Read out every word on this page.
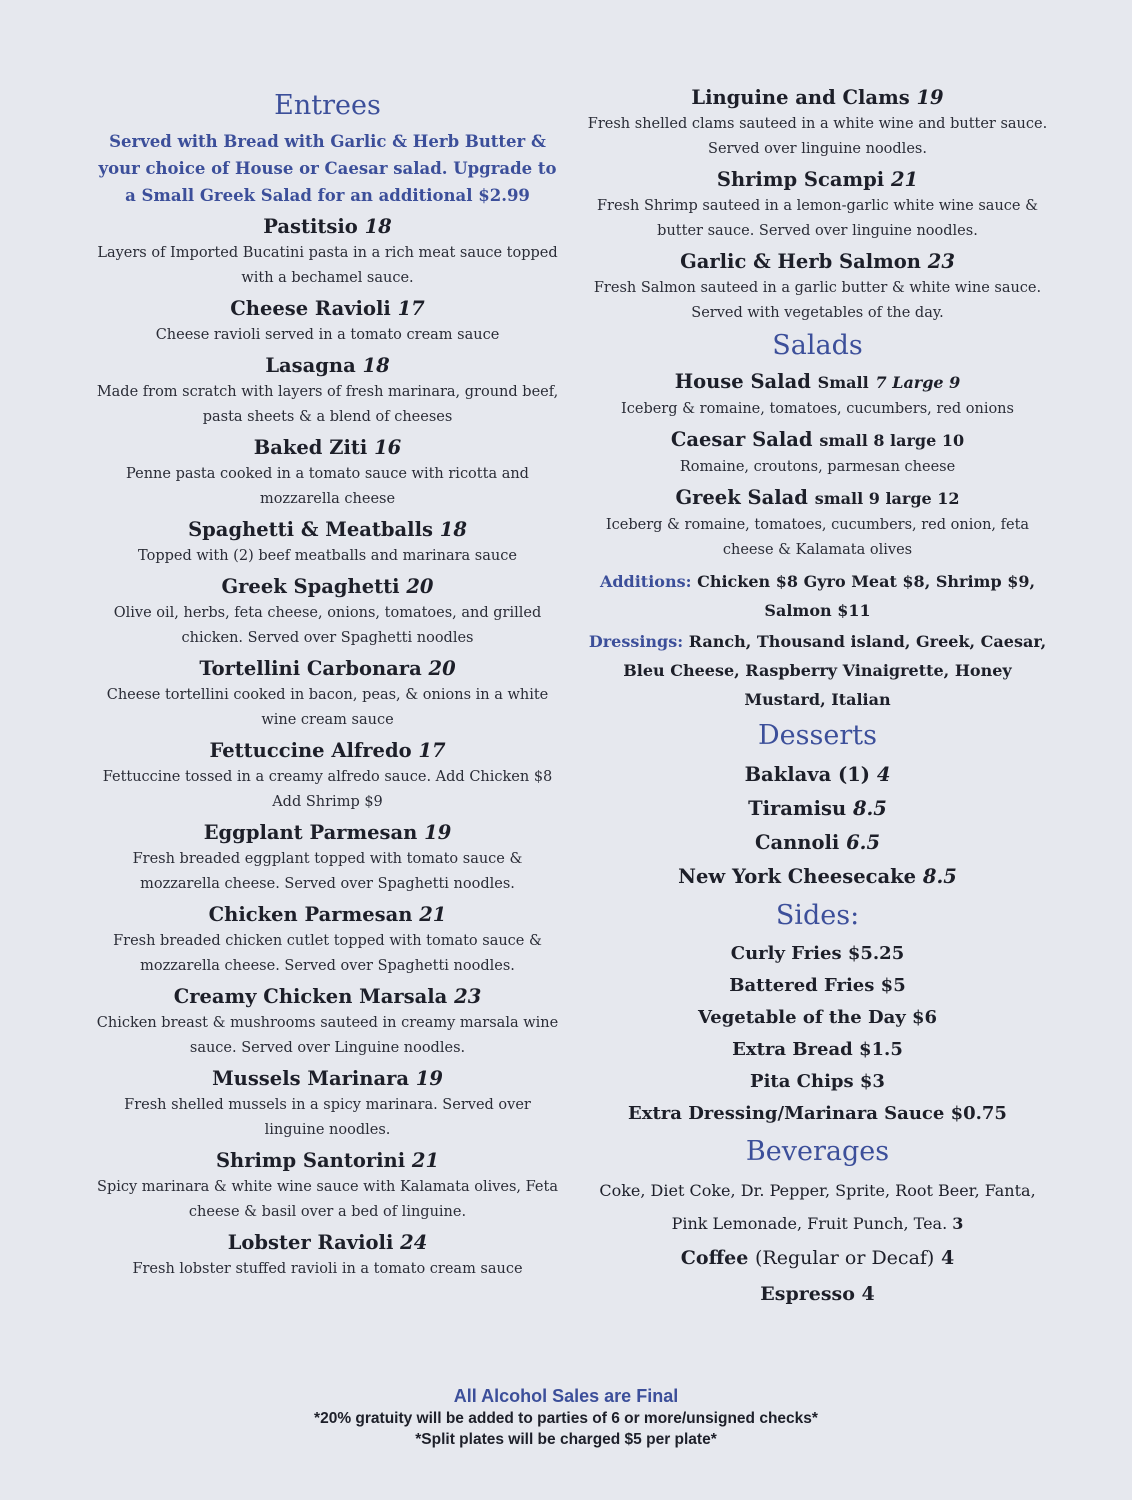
Entrees
Served with Bread with Garlic & Herb Butter & your choice of House or Caesar salad. Upgrade to a Small Greek Salad for an additional $2.99
Pastitsio 18
Layers of Imported Bucatini pasta in a rich meat sauce topped with a bechamel sauce.
Cheese Ravioli 17
Cheese ravioli served in a tomato cream sauce
Lasagna 18
Made from scratch with layers of fresh marinara, ground beef, pasta sheets & a blend of cheeses
Baked Ziti 16
Penne pasta cooked in a tomato sauce with ricotta and mozzarella cheese
Spaghetti & Meatballs 18
Topped with (2) beef meatballs and marinara sauce
Greek Spaghetti 20
Olive oil, herbs, feta cheese, onions, tomatoes, and grilled chicken. Served over Spaghetti noodles
Tortellini Carbonara 20
Cheese tortellini cooked in bacon, peas, & onions in a white wine cream sauce
Fettuccine Alfredo 17
Fettuccine tossed in a creamy alfredo sauce. Add Chicken $8 Add Shrimp $9
Eggplant Parmesan 19
Fresh breaded eggplant topped with tomato sauce & mozzarella cheese. Served over Spaghetti noodles.
Chicken Parmesan 21
Fresh breaded chicken cutlet topped with tomato sauce & mozzarella cheese. Served over Spaghetti noodles.
Creamy Chicken Marsala 23
Chicken breast & mushrooms sauteed in creamy marsala wine sauce. Served over Linguine noodles.
Mussels Marinara 19
Fresh shelled mussels in a spicy marinara. Served over linguine noodles.
Shrimp Santorini 21
Spicy marinara & white wine sauce with Kalamata olives, Feta cheese & basil over a bed of linguine.
Lobster Ravioli 24
Fresh lobster stuffed ravioli in a tomato cream sauce
Linguine and Clams 19
Fresh shelled clams sauteed in a white wine and butter sauce. Served over linguine noodles.
Shrimp Scampi 21
Fresh Shrimp sauteed in a lemon-garlic white wine sauce & butter sauce. Served over linguine noodles.
Garlic & Herb Salmon 23
Fresh Salmon sauteed in a garlic butter & white wine sauce. Served with vegetables of the day.
Salads
House Salad Small 7 Large 9
Iceberg & romaine, tomatoes, cucumbers, red onions
Caesar Salad small 8 large 10
Romaine, croutons, parmesan cheese
Greek Salad small 9 large 12
Iceberg & romaine, tomatoes, cucumbers, red onion, feta cheese & Kalamata olives
Additions: Chicken $8 Gyro Meat $8, Shrimp $9, Salmon $11
Dressings: Ranch, Thousand island, Greek, Caesar, Bleu Cheese, Raspberry Vinaigrette, Honey Mustard, Italian
Desserts
Baklava (1) 4
Tiramisu 8.5
Cannoli 6.5
New York Cheesecake 8.5
Sides:
Curly Fries $5.25
Battered Fries $5
Vegetable of the Day $6
Extra Bread $1.5
Pita Chips $3
Extra Dressing/Marinara Sauce $0.75
Beverages
Coke, Diet Coke, Dr. Pepper, Sprite, Root Beer, Fanta,
Pink Lemonade, Fruit Punch, Tea. 3
Coffee (Regular or Decaf) 4
Espresso 4
All Alcohol Sales are Final
*20% gratuity will be added to parties of 6 or more/unsigned checks*
*Split plates will be charged $5 per plate*
